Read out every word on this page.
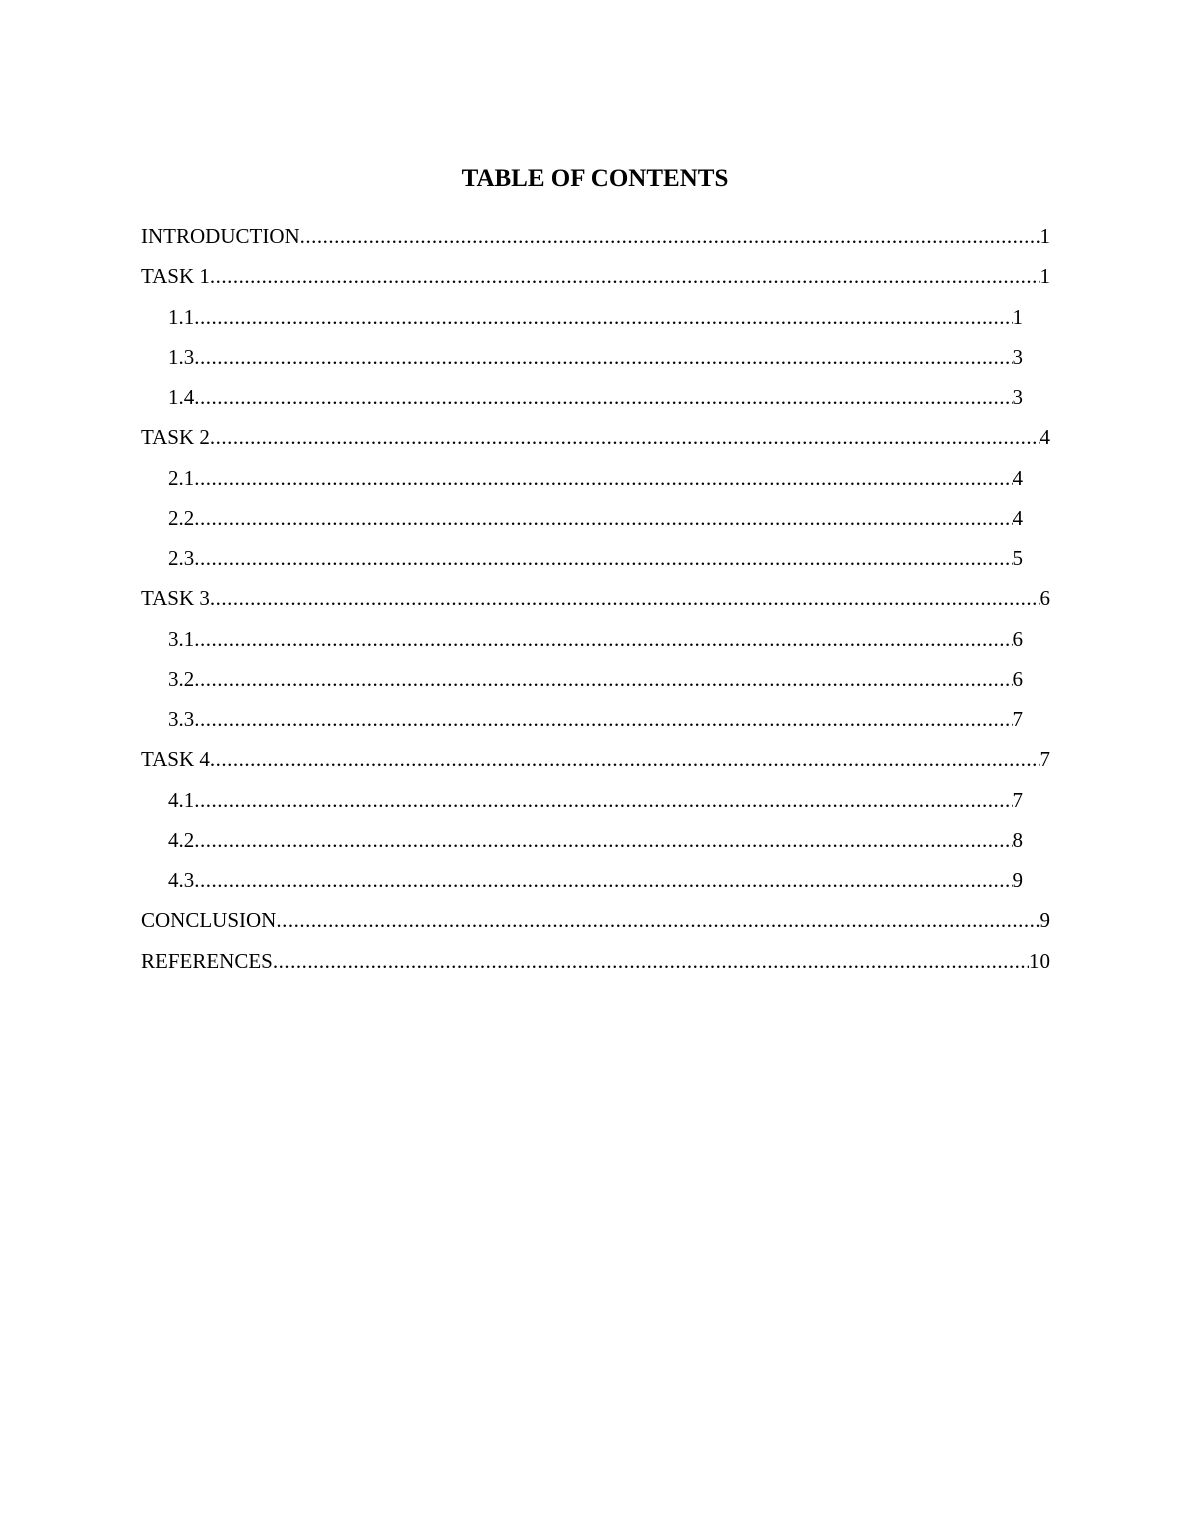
TABLE OF CONTENTS
INTRODUCTION .....	1
TASK 1 .....	1
1.1 .....	1
1.3 .....	3
1.4 .....	3
TASK 2 .....	4
2.1 .....	4
2.2 .....	4
2.3 .....	5
TASK 3 .....	6
3.1 .....	6
3.2 .....	6
3.3 .....	7
TASK 4 .....	7
4.1 .....	7
4.2 .....	8
4.3 .....	9
CONCLUSION .....	9
REFERENCES .....	10
